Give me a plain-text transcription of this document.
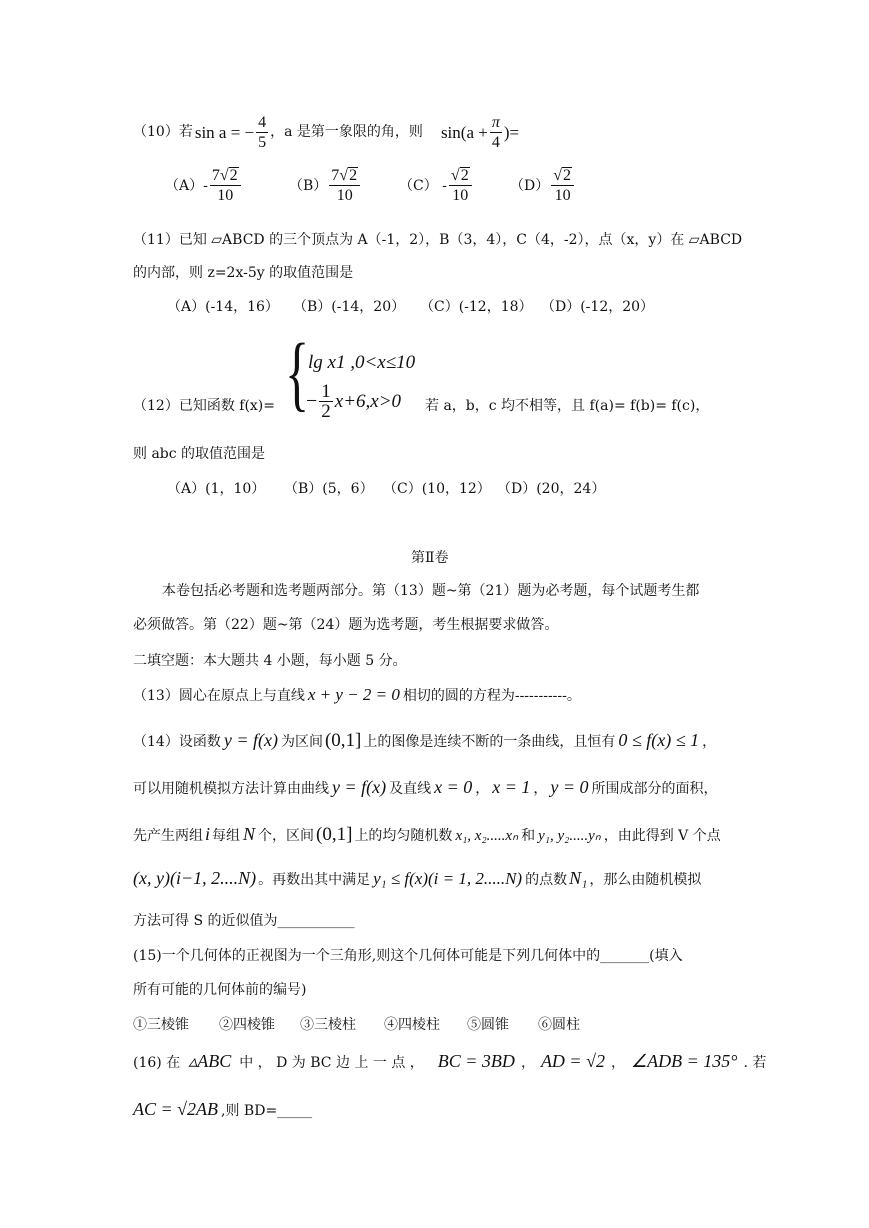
（10）若 sin a = − $\frac{4}{5}$ ，a 是第一象限的角，则 $\sin(a + \frac{\pi}{4}$ )=
$(A)- \frac{7√2}{10}$	$(B) \frac{7√2}{10}$	$(C) - \frac{√2}{10}$	$(D) \frac{√2}{10}$
（11）已知 ▱ABCD 的三个顶点为 A（-1，2），B（3，4），C（4，-2），点（x，y）在 ▱ABCD
的内部，则 z=2x-5y 的取值范围是
（A）(-14，16） （B）(-14，20） （C）(-12，18） （D）(-12，20）
（12）已知函数 f(x)= {
lg x1 ,0<x≤10
− $\frac{1}{2} x+6,x>0$ 若 a，b，c 均不相等，且 f(a)= f(b)= f(c)，
则 abc 的取值范围是
（A）(1，10） （B）(5，6） （C）(10，12） （D）(20，24）
第Ⅱ卷
本卷包括必考题和选考题两部分。第（13）题~第（21）题为必考题，每个试题考生都
必须做答。第（22）题~第（24）题为选考题，考生根据要求做答。
二填空题：本大题共 4 小题，每小题 5 分。
（13）圆心在原点上与直线 x + y − 2 = 0 相切的圆的方程为-----------。
（14）设函数 y = f(x) 为区间 (0,1] 上的图像是连续不断的一条曲线，且恒有 0 ≤ f(x) ≤ 1 ，
可以用随机模拟方法计算由曲线 y = f(x) 及直线 x = 0 ， x = 1 ， y = 0 所围成部分的面积，
先产生两组 i 每组 N 个，区间 (0,1] 上的均匀随机数 x₁, x₂.....xₙ 和 y₁, y₂.....yₙ ，由此得到 V 个点
(x, y)(i−1, 2....N) 。再数出其中满足 y₁ ≤ f(x)(i = 1, 2.....N) 的点数 N₁ ，那么由随机模拟
方法可得 S 的近似值为___________
(15)一个几何体的正视图为一个三角形,则这个几何体可能是下列几何体中的_______(填入
所有可能的几何体前的编号)
①三棱锥 ②四棱锥 ③三棱柱 ④四棱柱 ⑤圆锥 ⑥圆柱
(16) 在 ▵ABC 中 ， D 为 BC 边 上 一 点 ， BC = 3BD ， AD = √2 ， ∠ADB = 135° . 若
AC = √2AB ,则 BD=_____
